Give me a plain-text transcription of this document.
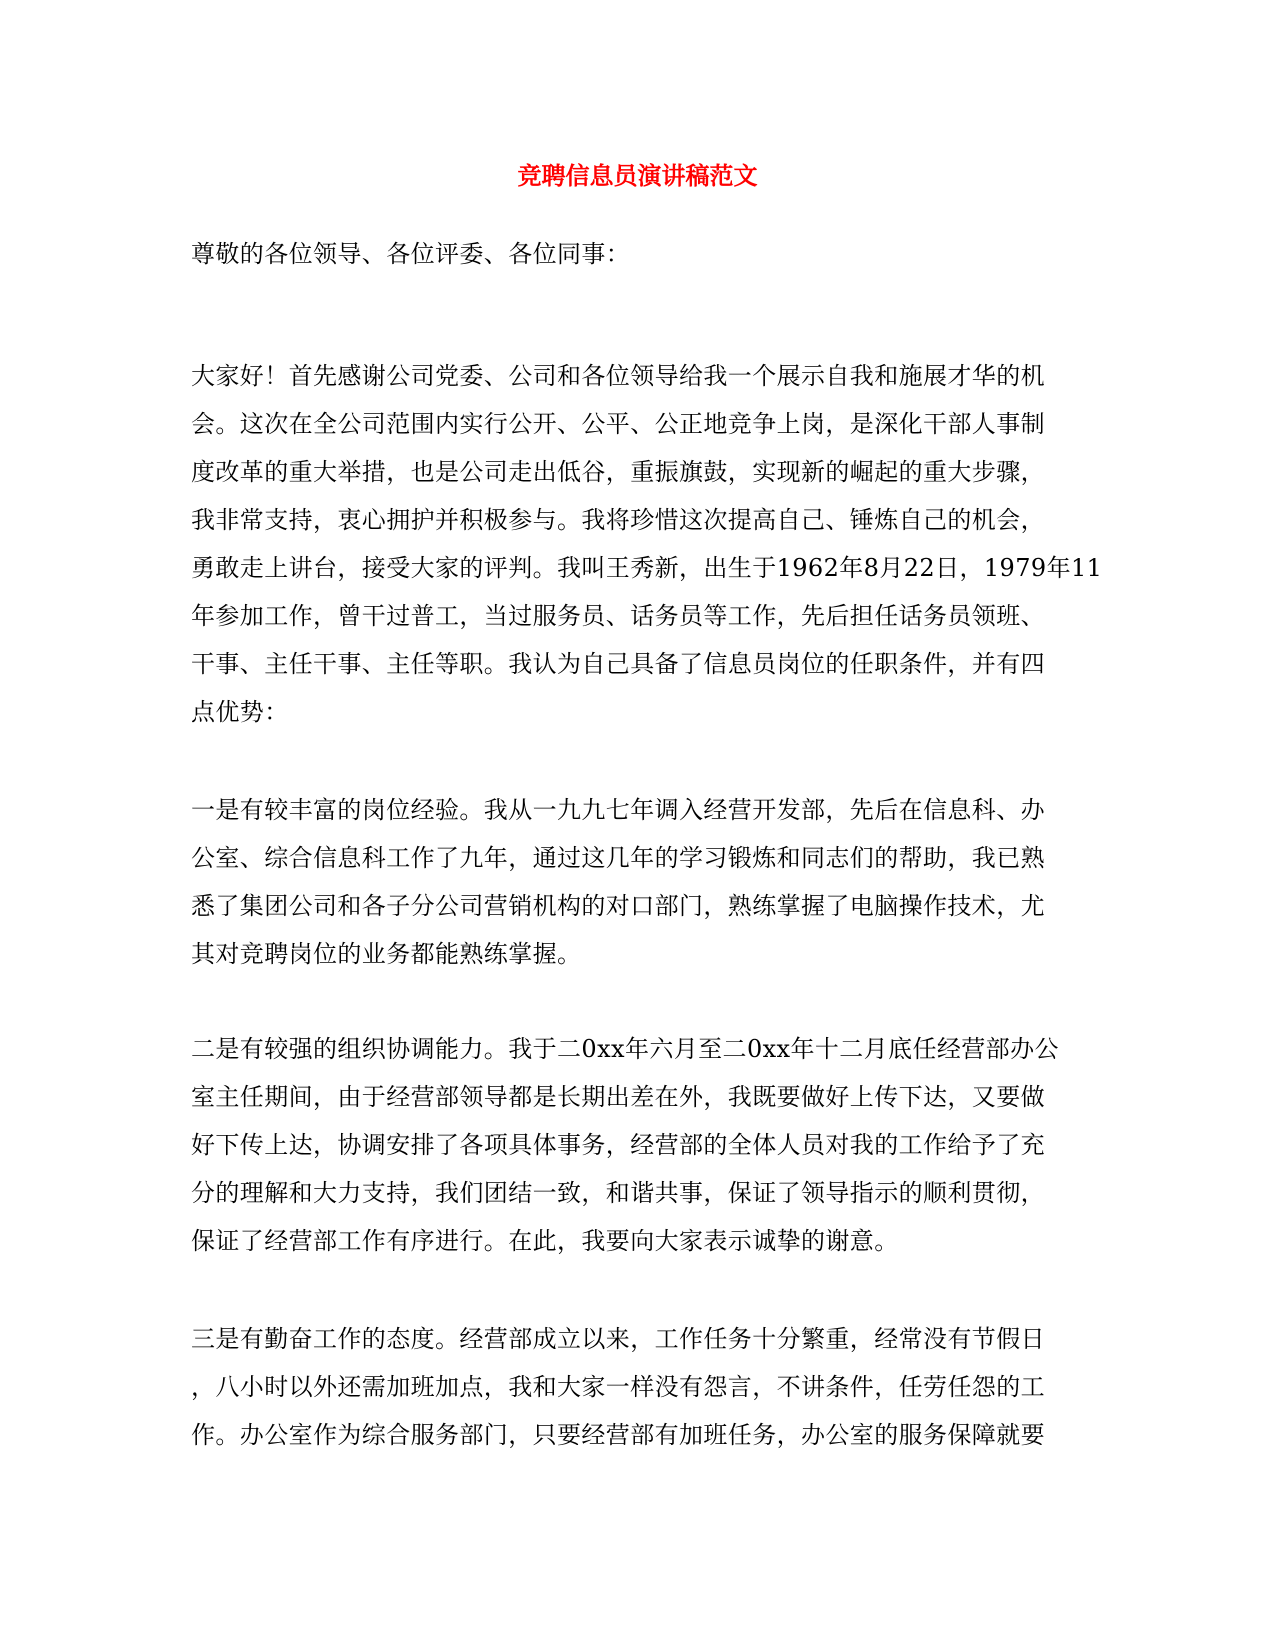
竞聘信息员演讲稿范文

尊敬的各位领导、各位评委、各位同事：

大家好！首先感谢公司党委、公司和各位领导给我一个展示自我和施展才华的机
会。这次在全公司范围内实行公开、公平、公正地竞争上岗，是深化干部人事制
度改革的重大举措，也是公司走出低谷，重振旗鼓，实现新的崛起的重大步骤，
我非常支持，衷心拥护并积极参与。我将珍惜这次提高自己、锤炼自己的机会，
勇敢走上讲台，接受大家的评判。我叫王秀新，出生于1962年8月22日，1979年11
年参加工作，曾干过普工，当过服务员、话务员等工作，先后担任话务员领班、
干事、主任干事、主任等职。我认为自己具备了信息员岗位的任职条件，并有四
点优势：

一是有较丰富的岗位经验。我从一九九七年调入经营开发部，先后在信息科、办
公室、综合信息科工作了九年，通过这几年的学习锻炼和同志们的帮助，我已熟
悉了集团公司和各子分公司营销机构的对口部门，熟练掌握了电脑操作技术，尤
其对竞聘岗位的业务都能熟练掌握。

二是有较强的组织协调能力。我于二0xx年六月至二0xx年十二月底任经营部办公
室主任期间，由于经营部领导都是长期出差在外，我既要做好上传下达，又要做
好下传上达，协调安排了各项具体事务，经营部的全体人员对我的工作给予了充
分的理解和大力支持，我们团结一致，和谐共事，保证了领导指示的顺利贯彻，
保证了经营部工作有序进行。在此，我要向大家表示诚挚的谢意。

三是有勤奋工作的态度。经营部成立以来，工作任务十分繁重，经常没有节假日
，八小时以外还需加班加点，我和大家一样没有怨言，不讲条件，任劳任怨的工
作。办公室作为综合服务部门，只要经营部有加班任务，办公室的服务保障就要
